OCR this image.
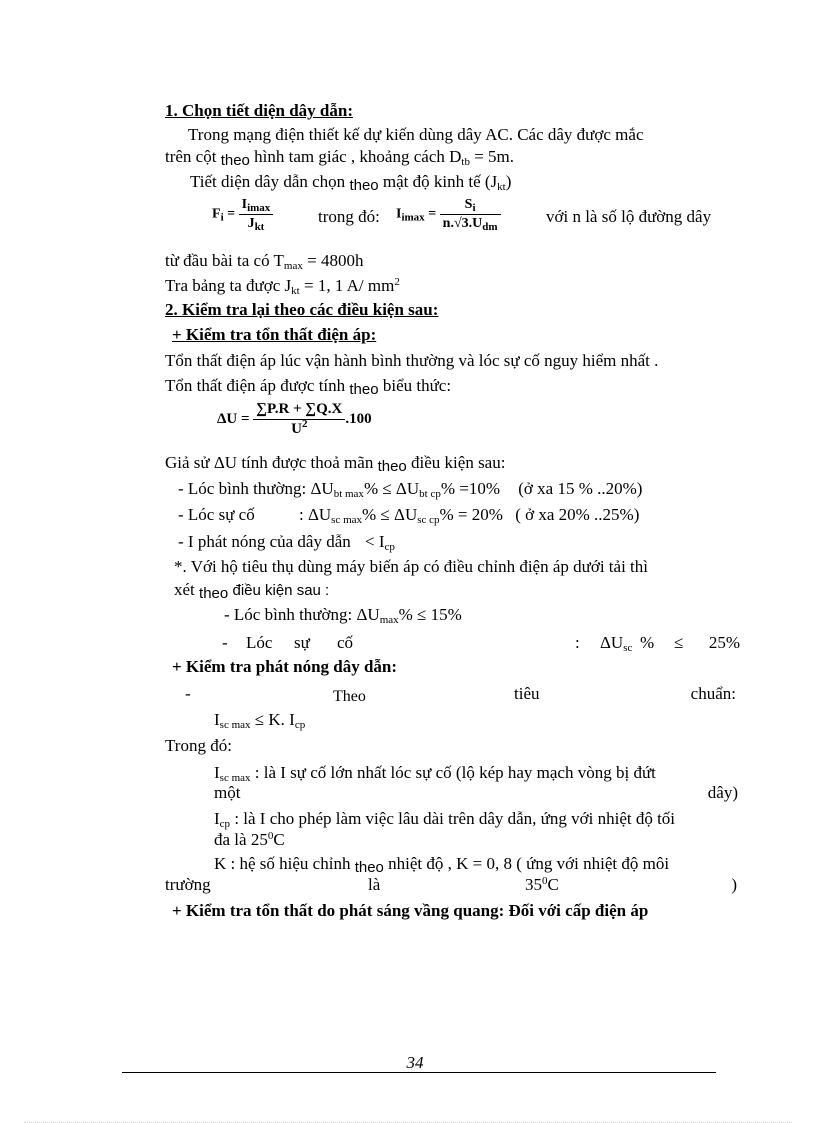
1. Chọn tiết diện dây dẫn:
Trong mạng điện thiết kế dự kiến dùng dây AC. Các dây được mắc
trên cột theo hình tam giác , khoảng cách $D_{tb} = 5m$.
Tiết diện dây dẫn chọn theo mật độ kinh tế $(J_{kt})$
$F_i = \frac{I_{imax}}{J_{kt}}$	trong đó:	$I_{imax} = \frac{S_i}{n.√3.U_{dm}}$	với n là số lộ đường dây
từ đầu bài ta có $T_{max} = 4800h$
Tra bảng ta được $J_{kt} = 1$, 1 A/ $mm^2$
2. Kiểm tra lại theo các điều kiện sau:
+ Kiểm tra tổn thất điện áp:
Tổn thất điện áp lúc vận hành bình thường và lóc sự cố nguy hiểm nhất .
Tổn thất điện áp được tính theo biểu thức:
$\Delta U = \frac{\sum P.R + \sum Q.X}{U^2} .100$
Giả sử ΔU tính được thoả mãn theo điều kiện sau:
- Lóc bình thường: $\Delta U_{bt max}\% \le \Delta U_{bt cp}\% =10\%$ (ở xa 15 % ..20%)
- Lóc sự cố	: $\Delta U_{sc max}\% \le \Delta U_{sc cp}\% = 20\%$ ( ở xa 20% ..25%)
- I phát nóng của dây dẫn < $I_{cp}$
*. Với hộ tiêu thụ dùng máy biến áp có điều chỉnh điện áp dưới tải thì
xét theo điều kiện sau :
- Lóc bình thường: $\Delta U_{max}\% \le 15\%$
- Lóc sự cố	: $\Delta U_{sc}$ % ≤ 25%
+ Kiểm tra phát nóng dây dẫn:
-	Theo	tiêu	chuẩn:
$I_{sc max} \le K$. $I_{cp}$
Trong đó:
$I_{sc max}$ : là I sự cố lớn nhất lóc sự cố (lộ kép hay mạch vòng bị đứt
một	dây)
$I_{cp}$ : là I cho phép làm việc lâu dài trên dây dẫn, ứng với nhiệt độ tối
đa là $25^0C$
K : hệ số hiệu chỉnh theo nhiệt độ , K = 0, 8 ( ứng với nhiệt độ môi
trường	là	$35^0C$	)
+ Kiểm tra tổn thất do phát sáng vầng quang: Đối với cấp điện áp
34
